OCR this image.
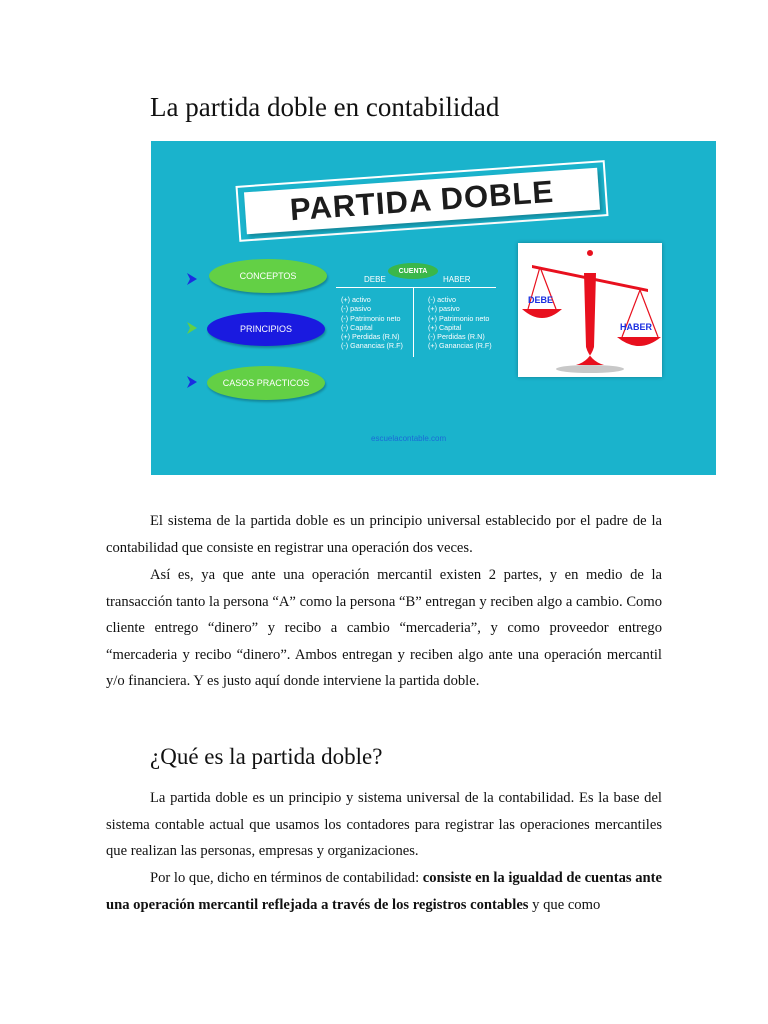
La partida doble en contabilidad
PARTIDA DOBLE
CONCEPTOS
PRINCIPIOS
CASOS PRACTICOS
CUENTA
DEBE	HABER
(+) activo
(-) pasivo
(-) Patrimonio neto
(-) Capital
(+) Perdidas (R.N)
(-) Ganancias (R.F)
(-) activo
(+) pasivo
(+) Patrimonio neto
(+) Capital
(-) Perdidas (R.N)
(+) Ganancias (R.F)
escuelacontable.com
DEBE
HABER

El sistema de la partida doble es un principio universal establecido por el padre de la contabilidad que consiste en registrar una operación dos veces.

Así es, ya que ante una operación mercantil existen 2 partes, y en medio de la transacción tanto la persona “A” como la persona “B” entregan y reciben algo a cambio. Como cliente entrego “dinero” y recibo a cambio “mercaderia”, y como proveedor entrego “mercaderia y recibo “dinero”. Ambos entregan y reciben algo ante una operación mercantil y/o financiera. Y es justo aquí donde interviene la partida doble.

¿Qué es la partida doble?

La partida doble es un principio y sistema universal de la contabilidad. Es la base del sistema contable actual que usamos los contadores para registrar las operaciones mercantiles que realizan las personas, empresas y organizaciones.

Por lo que, dicho en términos de contabilidad: consiste en la igualdad de cuentas ante una operación mercantil reflejada a través de los registros contables y que como
